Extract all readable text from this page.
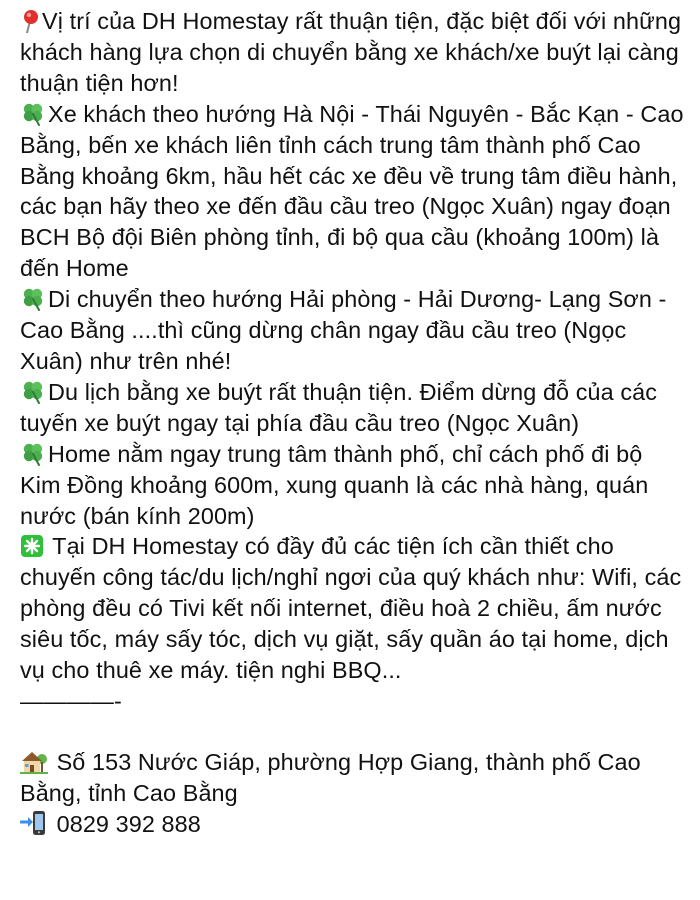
Vị trí của DH Homestay rất thuận tiện, đặc biệt đối với những khách hàng lựa chọn di chuyển bằng xe khách/xe buýt lại càng thuận tiện hơn!

Xe khách theo hướng Hà Nội - Thái Nguyên - Bắc Kạn - Cao Bằng, bến xe khách liên tỉnh cách trung tâm thành phố Cao Bằng khoảng 6km, hầu hết các xe đều về trung tâm điều hành, các bạn hãy theo xe đến đầu cầu treo (Ngọc Xuân) ngay đoạn BCH Bộ đội Biên phòng tỉnh, đi bộ qua cầu (khoảng 100m) là đến Home

Di chuyển theo hướng Hải phòng - Hải Dương- Lạng Sơn - Cao Bằng ....thì cũng dừng chân ngay đầu cầu treo (Ngọc Xuân) như trên nhé!

Du lịch bằng xe buýt rất thuận tiện. Điểm dừng đỗ của các tuyến xe buýt ngay tại phía đầu cầu treo (Ngọc Xuân)

Home nằm ngay trung tâm thành phố, chỉ cách phố đi bộ Kim Đồng khoảng 600m, xung quanh là các nhà hàng, quán nước (bán kính 200m)

Tại DH Homestay có đầy đủ các tiện ích cần thiết cho chuyến công tác/du lịch/nghỉ ngơi của quý khách như: Wifi, các phòng đều có Tivi kết nối internet, điều hoà 2 chiều, ấm nước siêu tốc, máy sấy tóc, dịch vụ giặt, sấy quần áo tại home, dịch vụ cho thuê xe máy. tiện nghi BBQ...

————-

Số 153 Nước Giáp, phường Hợp Giang, thành phố Cao Bằng, tỉnh Cao Bằng

0829 392 888
